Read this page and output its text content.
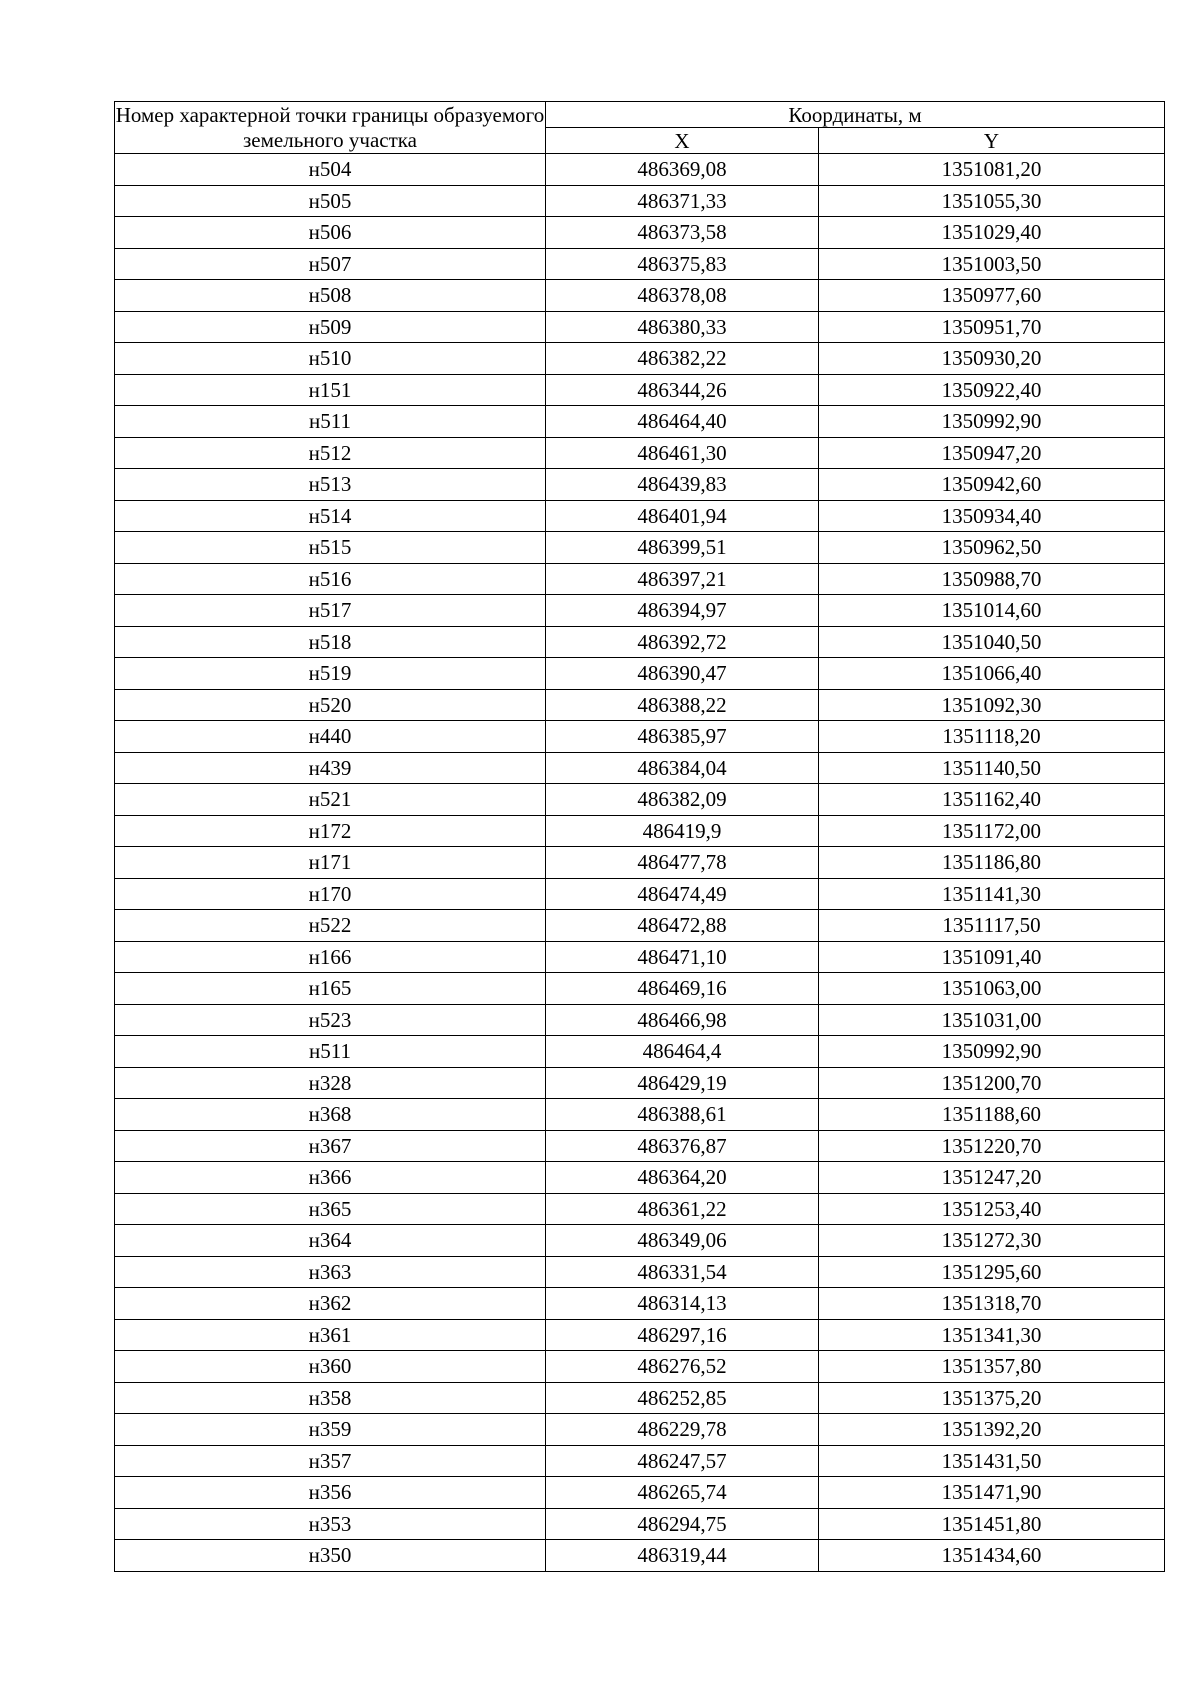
Номер характерной точки границы образуемого земельного участка	Координаты, м	
	X	Y
н504	486369,08	1351081,20
н505	486371,33	1351055,30
н506	486373,58	1351029,40
н507	486375,83	1351003,50
н508	486378,08	1350977,60
н509	486380,33	1350951,70
н510	486382,22	1350930,20
н151	486344,26	1350922,40
н511	486464,40	1350992,90
н512	486461,30	1350947,20
н513	486439,83	1350942,60
н514	486401,94	1350934,40
н515	486399,51	1350962,50
н516	486397,21	1350988,70
н517	486394,97	1351014,60
н518	486392,72	1351040,50
н519	486390,47	1351066,40
н520	486388,22	1351092,30
н440	486385,97	1351118,20
н439	486384,04	1351140,50
н521	486382,09	1351162,40
н172	486419,9	1351172,00
н171	486477,78	1351186,80
н170	486474,49	1351141,30
н522	486472,88	1351117,50
н166	486471,10	1351091,40
н165	486469,16	1351063,00
н523	486466,98	1351031,00
н511	486464,4	1350992,90
н328	486429,19	1351200,70
н368	486388,61	1351188,60
н367	486376,87	1351220,70
н366	486364,20	1351247,20
н365	486361,22	1351253,40
н364	486349,06	1351272,30
н363	486331,54	1351295,60
н362	486314,13	1351318,70
н361	486297,16	1351341,30
н360	486276,52	1351357,80
н358	486252,85	1351375,20
н359	486229,78	1351392,20
н357	486247,57	1351431,50
н356	486265,74	1351471,90
н353	486294,75	1351451,80
н350	486319,44	1351434,60
